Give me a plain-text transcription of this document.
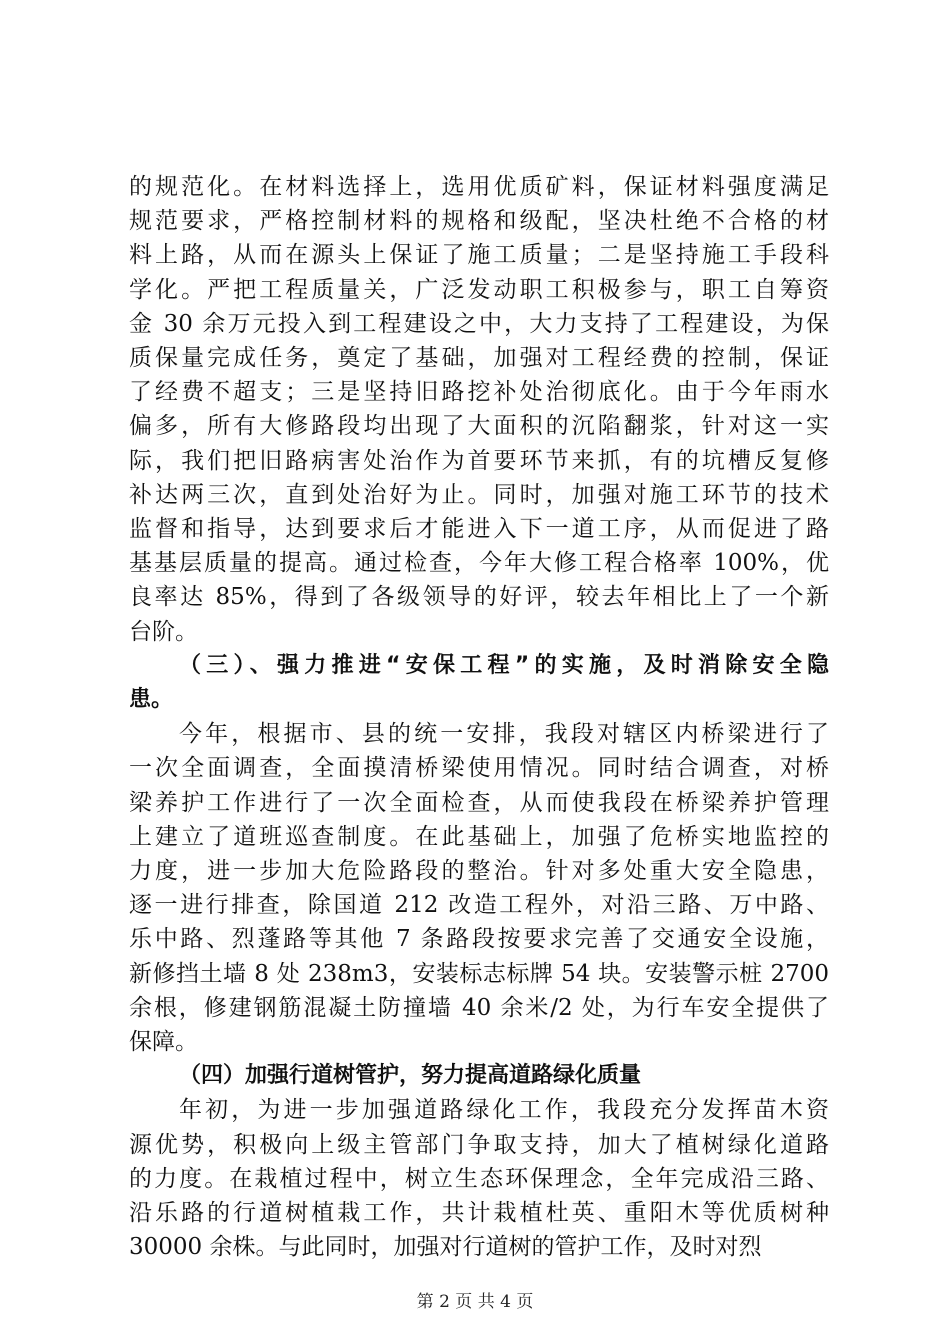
的规范化。在材料选择上，选用优质矿料，保证材料强度满足
规范要求，严格控制材料的规格和级配，坚决杜绝不合格的材
料上路，从而在源头上保证了施工质量；二是坚持施工手段科
学化。严把工程质量关，广泛发动职工积极参与，职工自筹资
金 30 余万元投入到工程建设之中，大力支持了工程建设，为保
质保量完成任务，奠定了基础，加强对工程经费的控制，保证
了经费不超支；三是坚持旧路挖补处治彻底化。由于今年雨水
偏多，所有大修路段均出现了大面积的沉陷翻浆，针对这一实
际，我们把旧路病害处治作为首要环节来抓，有的坑槽反复修
补达两三次，直到处治好为止。同时，加强对施工环节的技术
监督和指导，达到要求后才能进入下一道工序，从而促进了路
基基层质量的提高。通过检查，今年大修工程合格率 100%，优
良率达 85%，得到了各级领导的好评，较去年相比上了一个新
台阶。
（三）、强力推进“安保工程”的实施，及时消除安全隐
患。
今年，根据市、县的统一安排，我段对辖区内桥梁进行了
一次全面调查，全面摸清桥梁使用情况。同时结合调查，对桥
梁养护工作进行了一次全面检查，从而使我段在桥梁养护管理
上建立了道班巡查制度。在此基础上，加强了危桥实地监控的
力度，进一步加大危险路段的整治。针对多处重大安全隐患，
逐一进行排查，除国道 212 改造工程外，对沿三路、万中路、
乐中路、烈蓬路等其他 7 条路段按要求完善了交通安全设施，
新修挡土墙 8 处 238m3，安装标志标牌 54 块。安装警示桩 2700
余根，修建钢筋混凝土防撞墙 40 余米/2 处，为行车安全提供了
保障。
（四）加强行道树管护，努力提高道路绿化质量
年初，为进一步加强道路绿化工作，我段充分发挥苗木资
源优势，积极向上级主管部门争取支持，加大了植树绿化道路
的力度。在栽植过程中，树立生态环保理念，全年完成沿三路、
沿乐路的行道树植栽工作，共计栽植杜英、重阳木等优质树种
30000 余株。与此同时，加强对行道树的管护工作，及时对烈
第 2 页 共 4 页
